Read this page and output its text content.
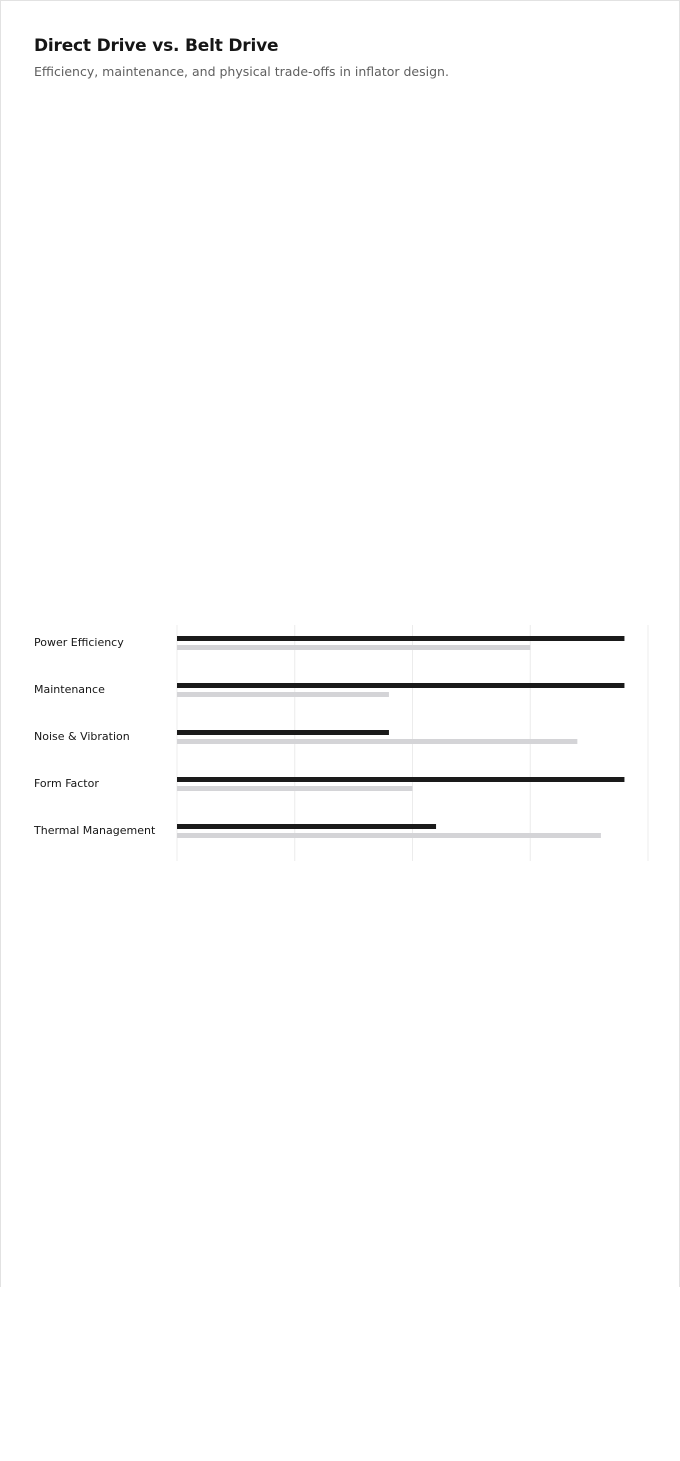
Direct Drive vs. Belt Drive
Efficiency, maintenance, and physical trade-offs in inflator design.
Power Efficiency
Maintenance
Noise & Vibration
Form Factor
Thermal Management
